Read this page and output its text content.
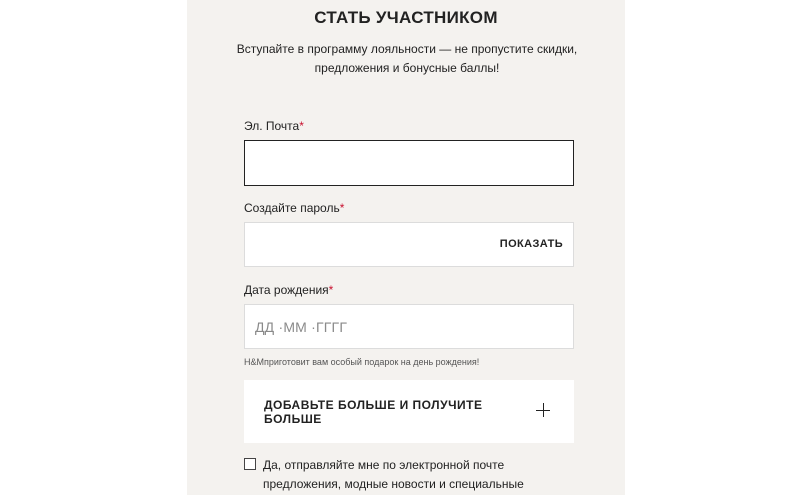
СТАТЬ УЧАСТНИКОМ
Вступайте в программу лояльности — не пропустите скидки,
предложения и бонусные баллы!
Эл. Почта*
Создайте пароль*
ПОКАЗАТЬ
Дата рождения*
ДД ·ММ ·ГГГГ
H&Mприготовит вам особый подарок на день рождения!
ДОБАВЬТЕ БОЛЬШЕ И ПОЛУЧИТЕ
БОЛЬШЕ
Да, отправляйте мне по электронной почте
предложения, модные новости и специальные
